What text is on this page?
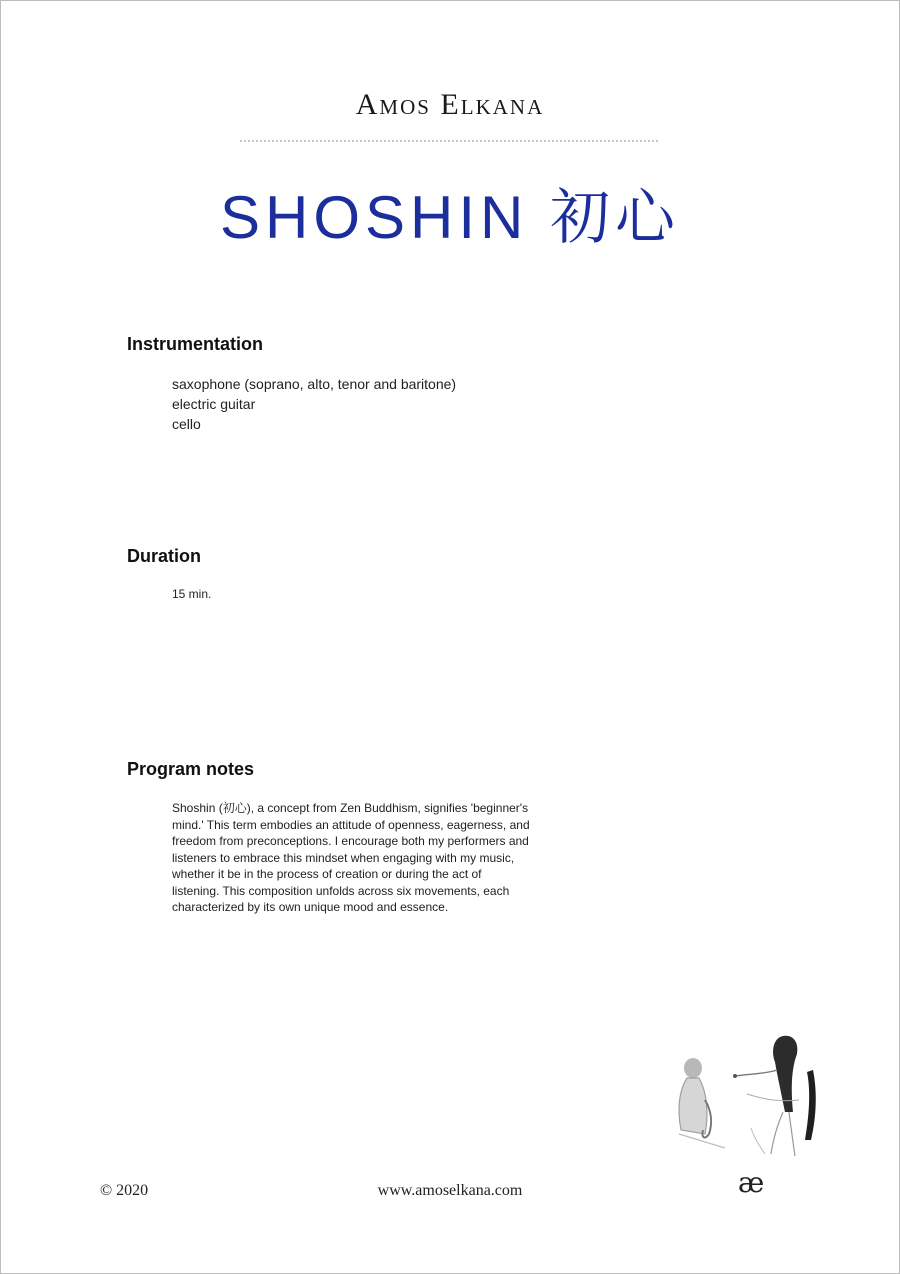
Amos Elkana
SHOSHIN 初心
Instrumentation
saxophone (soprano, alto, tenor and baritone)
electric guitar
cello
Duration
15 min.
Program notes
Shoshin (初心), a concept from Zen Buddhism, signifies 'beginner's mind.' This term embodies an attitude of openness, eagerness, and freedom from preconceptions. I encourage both my performers and listeners to embrace this mindset when engaging with my music, whether it be in the process of creation or during the act of listening. This composition unfolds across six movements, each characterized by its own unique mood and essence.
© 2020	www.amoselkana.com	æ
